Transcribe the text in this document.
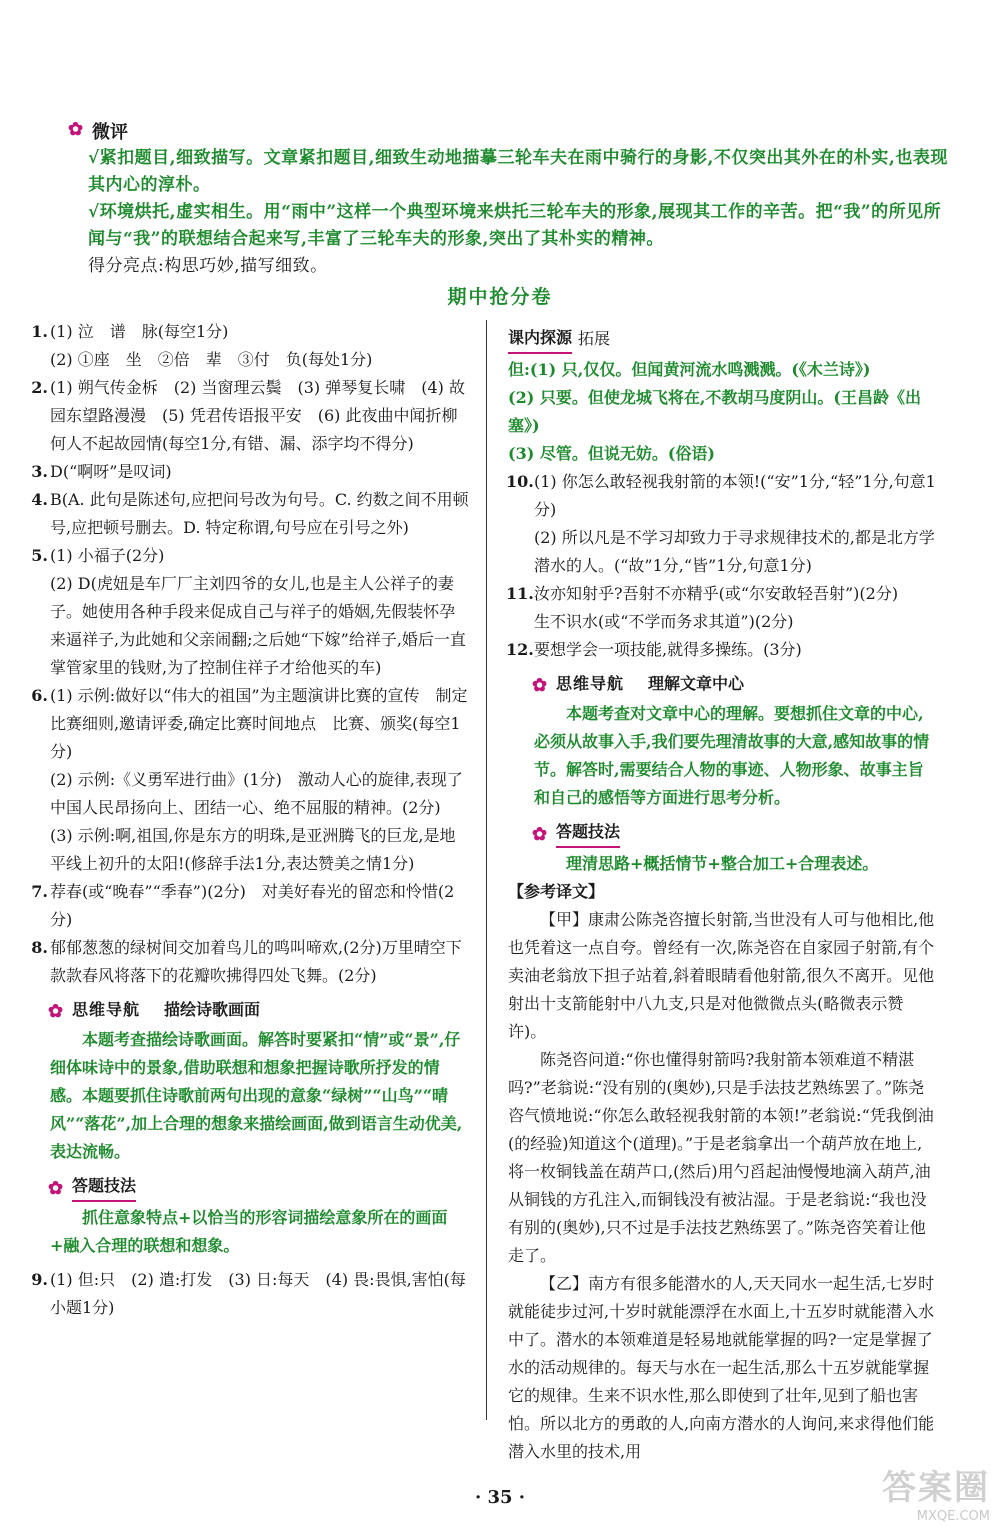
✿
微评
√紧扣题目,细致描写。文章紧扣题目,细致生动地描摹三轮车夫在雨中骑行的身影,不仅突出其外在的朴实,也表现其内心的淳朴。
√环境烘托,虚实相生。用“雨中”这样一个典型环境来烘托三轮车夫的形象,展现其工作的辛苦。把“我”的所见所闻与“我”的联想结合起来写,丰富了三轮车夫的形象,突出了其朴实的精神。
得分亮点:构思巧妙,描写细致。
期中抢分卷
1. (1) 泣　谱　脉(每空1分)
(2) ①座　坐　②倍　辈　③付　负(每处1分)
2. (1) 朔气传金柝　(2) 当窗理云鬓　(3) 弹琴复长啸　(4) 故园东望路漫漫　(5) 凭君传语报平安　(6) 此夜曲中闻折柳　何人不起故园情(每空1分,有错、漏、添字均不得分)
3. D(“啊呀”是叹词)
4. B(A. 此句是陈述句,应把问号改为句号。C. 约数之间不用顿号,应把顿号删去。D. 特定称谓,句号应在引号之外)
5. (1) 小福子(2分)
(2) D(虎妞是车厂厂主刘四爷的女儿,也是主人公祥子的妻子。她使用各种手段来促成自己与祥子的婚姻,先假装怀孕来逼祥子,为此她和父亲闹翻;之后她“下嫁”给祥子,婚后一直掌管家里的钱财,为了控制住祥子才给他买的车)
6. (1) 示例:做好以“伟大的祖国”为主题演讲比赛的宣传　制定比赛细则,邀请评委,确定比赛时间地点　比赛、颁奖(每空1分)
(2) 示例:《义勇军进行曲》(1分)　激动人心的旋律,表现了中国人民昂扬向上、团结一心、绝不屈服的精神。(2分)
(3) 示例:啊,祖国,你是东方的明珠,是亚洲腾飞的巨龙,是地平线上初升的太阳!(修辞手法1分,表达赞美之情1分)
7. 荐春(或“晚春”“季春”)(2分)　对美好春光的留恋和怜惜(2分)
8. 郁郁葱葱的绿树间交加着鸟儿的鸣叫啼欢,(2分)万里晴空下款款春风将落下的花瓣吹拂得四处飞舞。(2分)
✿
思维导航 描绘诗歌画面
本题考查描绘诗歌画面。解答时要紧扣“情”或“景”,仔细体味诗中的景象,借助联想和想象把握诗歌所抒发的情感。本题要抓住诗歌前两句出现的意象“绿树”“山鸟”“晴风”“落花”,加上合理的想象来描绘画面,做到语言生动优美,表达流畅。
✿
答题技法
抓住意象特点+以恰当的形容词描绘意象所在的画面+融入合理的联想和想象。
9. (1) 但:只　(2) 遣:打发　(3) 日:每天　(4) 畏:畏惧,害怕(每小题1分)
课内探源 拓展
但:(1) 只,仅仅。但闻黄河流水鸣溅溅。(《木兰诗》)
(2) 只要。但使龙城飞将在,不教胡马度阴山。(王昌龄《出塞》)
(3) 尽管。但说无妨。(俗语)
10. (1) 你怎么敢轻视我射箭的本领!(“安”1分,“轻”1分,句意1分)
(2) 所以凡是不学习却致力于寻求规律技术的,都是北方学潜水的人。(“故”1分,“皆”1分,句意1分)
11. 汝亦知射乎?吾射不亦精乎(或“尔安敢轻吾射”)(2分)
生不识水(或“不学而务求其道”)(2分)
12. 要想学会一项技能,就得多操练。(3分)
✿
思维导航 理解文章中心
本题考查对文章中心的理解。要想抓住文章的中心,必须从故事入手,我们要先理清故事的大意,感知故事的情节。解答时,需要结合人物的事迹、人物形象、故事主旨和自己的感悟等方面进行思考分析。
✿
答题技法
理清思路+概括情节+整合加工+合理表述。
【参考译文】
【甲】康肃公陈尧咨擅长射箭,当世没有人可与他相比,他也凭着这一点自夸。曾经有一次,陈尧咨在自家园子射箭,有个卖油老翁放下担子站着,斜着眼睛看他射箭,很久不离开。见他射出十支箭能射中八九支,只是对他微微点头(略微表示赞许)。
陈尧咨问道:“你也懂得射箭吗?我射箭本领难道不精湛吗?”老翁说:“没有别的(奥妙),只是手法技艺熟练罢了。”陈尧咨气愤地说:“你怎么敢轻视我射箭的本领!”老翁说:“凭我倒油(的经验)知道这个(道理)。”于是老翁拿出一个葫芦放在地上,将一枚铜钱盖在葫芦口,(然后)用勺舀起油慢慢地滴入葫芦,油从铜钱的方孔注入,而铜钱没有被沾湿。于是老翁说:“我也没有别的(奥妙),只不过是手法技艺熟练罢了。”陈尧咨笑着让他走了。
【乙】南方有很多能潜水的人,天天同水一起生活,七岁时就能徒步过河,十岁时就能漂浮在水面上,十五岁时就能潜入水中了。潜水的本领难道是轻易地就能掌握的吗?一定是掌握了水的活动规律的。每天与水在一起生活,那么十五岁就能掌握它的规律。生来不识水性,那么即使到了壮年,见到了船也害怕。所以北方的勇敢的人,向南方潜水的人询问,来求得他们能潜入水里的技术,用
· 35 ·	答案圈
MXQE.COM
